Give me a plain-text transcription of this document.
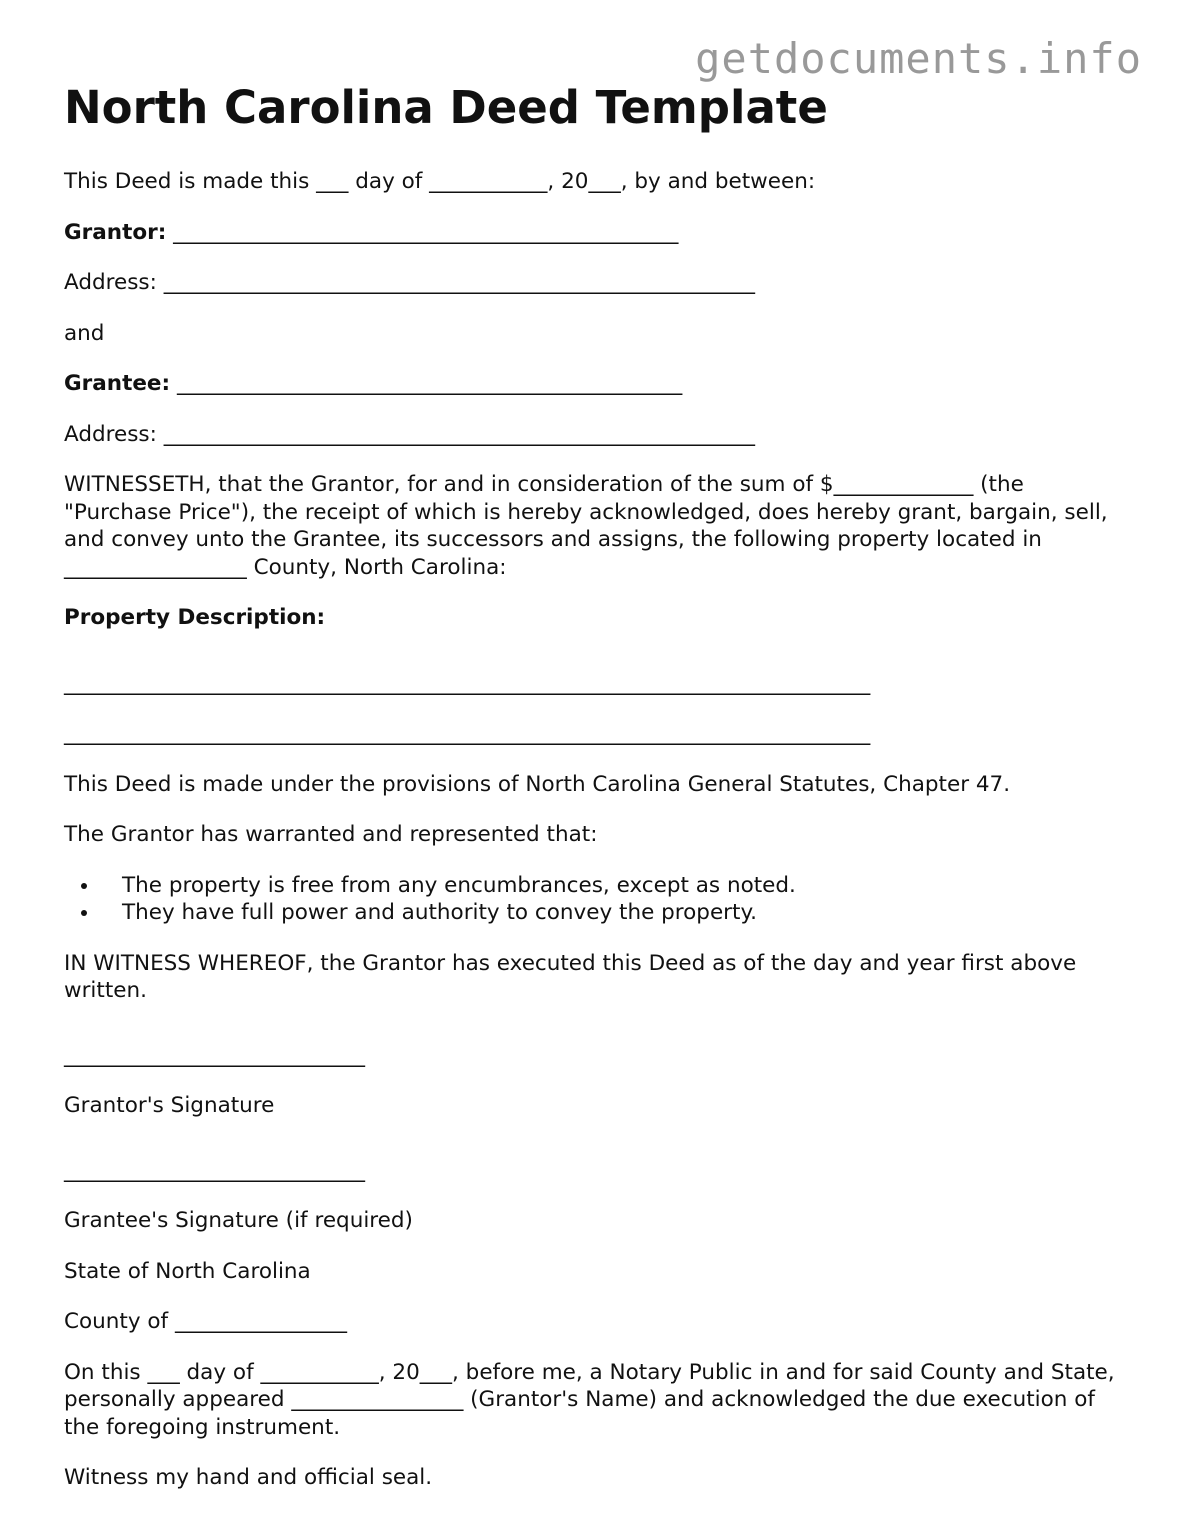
getdocuments.info
North Carolina Deed Template

This Deed is made this ___ day of ___________, 20___, by and between:

Grantor: _______________________________________________

Address: _______________________________________________________

and

Grantee: _______________________________________________

Address: _______________________________________________________

WITNESSETH, that the Grantor, for and in consideration of the sum of $_____________ (the "Purchase Price"), the receipt of which is hereby acknowledged, does hereby grant, bargain, sell, and convey unto the Grantee, its successors and assigns, the following property located in _________________ County, North Carolina:

Property Description:

___________________________________________________________________________
___________________________________________________________________________

This Deed is made under the provisions of North Carolina General Statutes, Chapter 47.

The Grantor has warranted and represented that:

• The property is free from any encumbrances, except as noted.
• They have full power and authority to convey the property.

IN WITNESS WHEREOF, the Grantor has executed this Deed as of the day and year first above written.

____________________________

Grantor's Signature

____________________________

Grantee's Signature (if required)

State of North Carolina

County of ________________

On this ___ day of ___________, 20___, before me, a Notary Public in and for said County and State, personally appeared ________________ (Grantor's Name) and acknowledged the due execution of the foregoing instrument.

Witness my hand and official seal.
